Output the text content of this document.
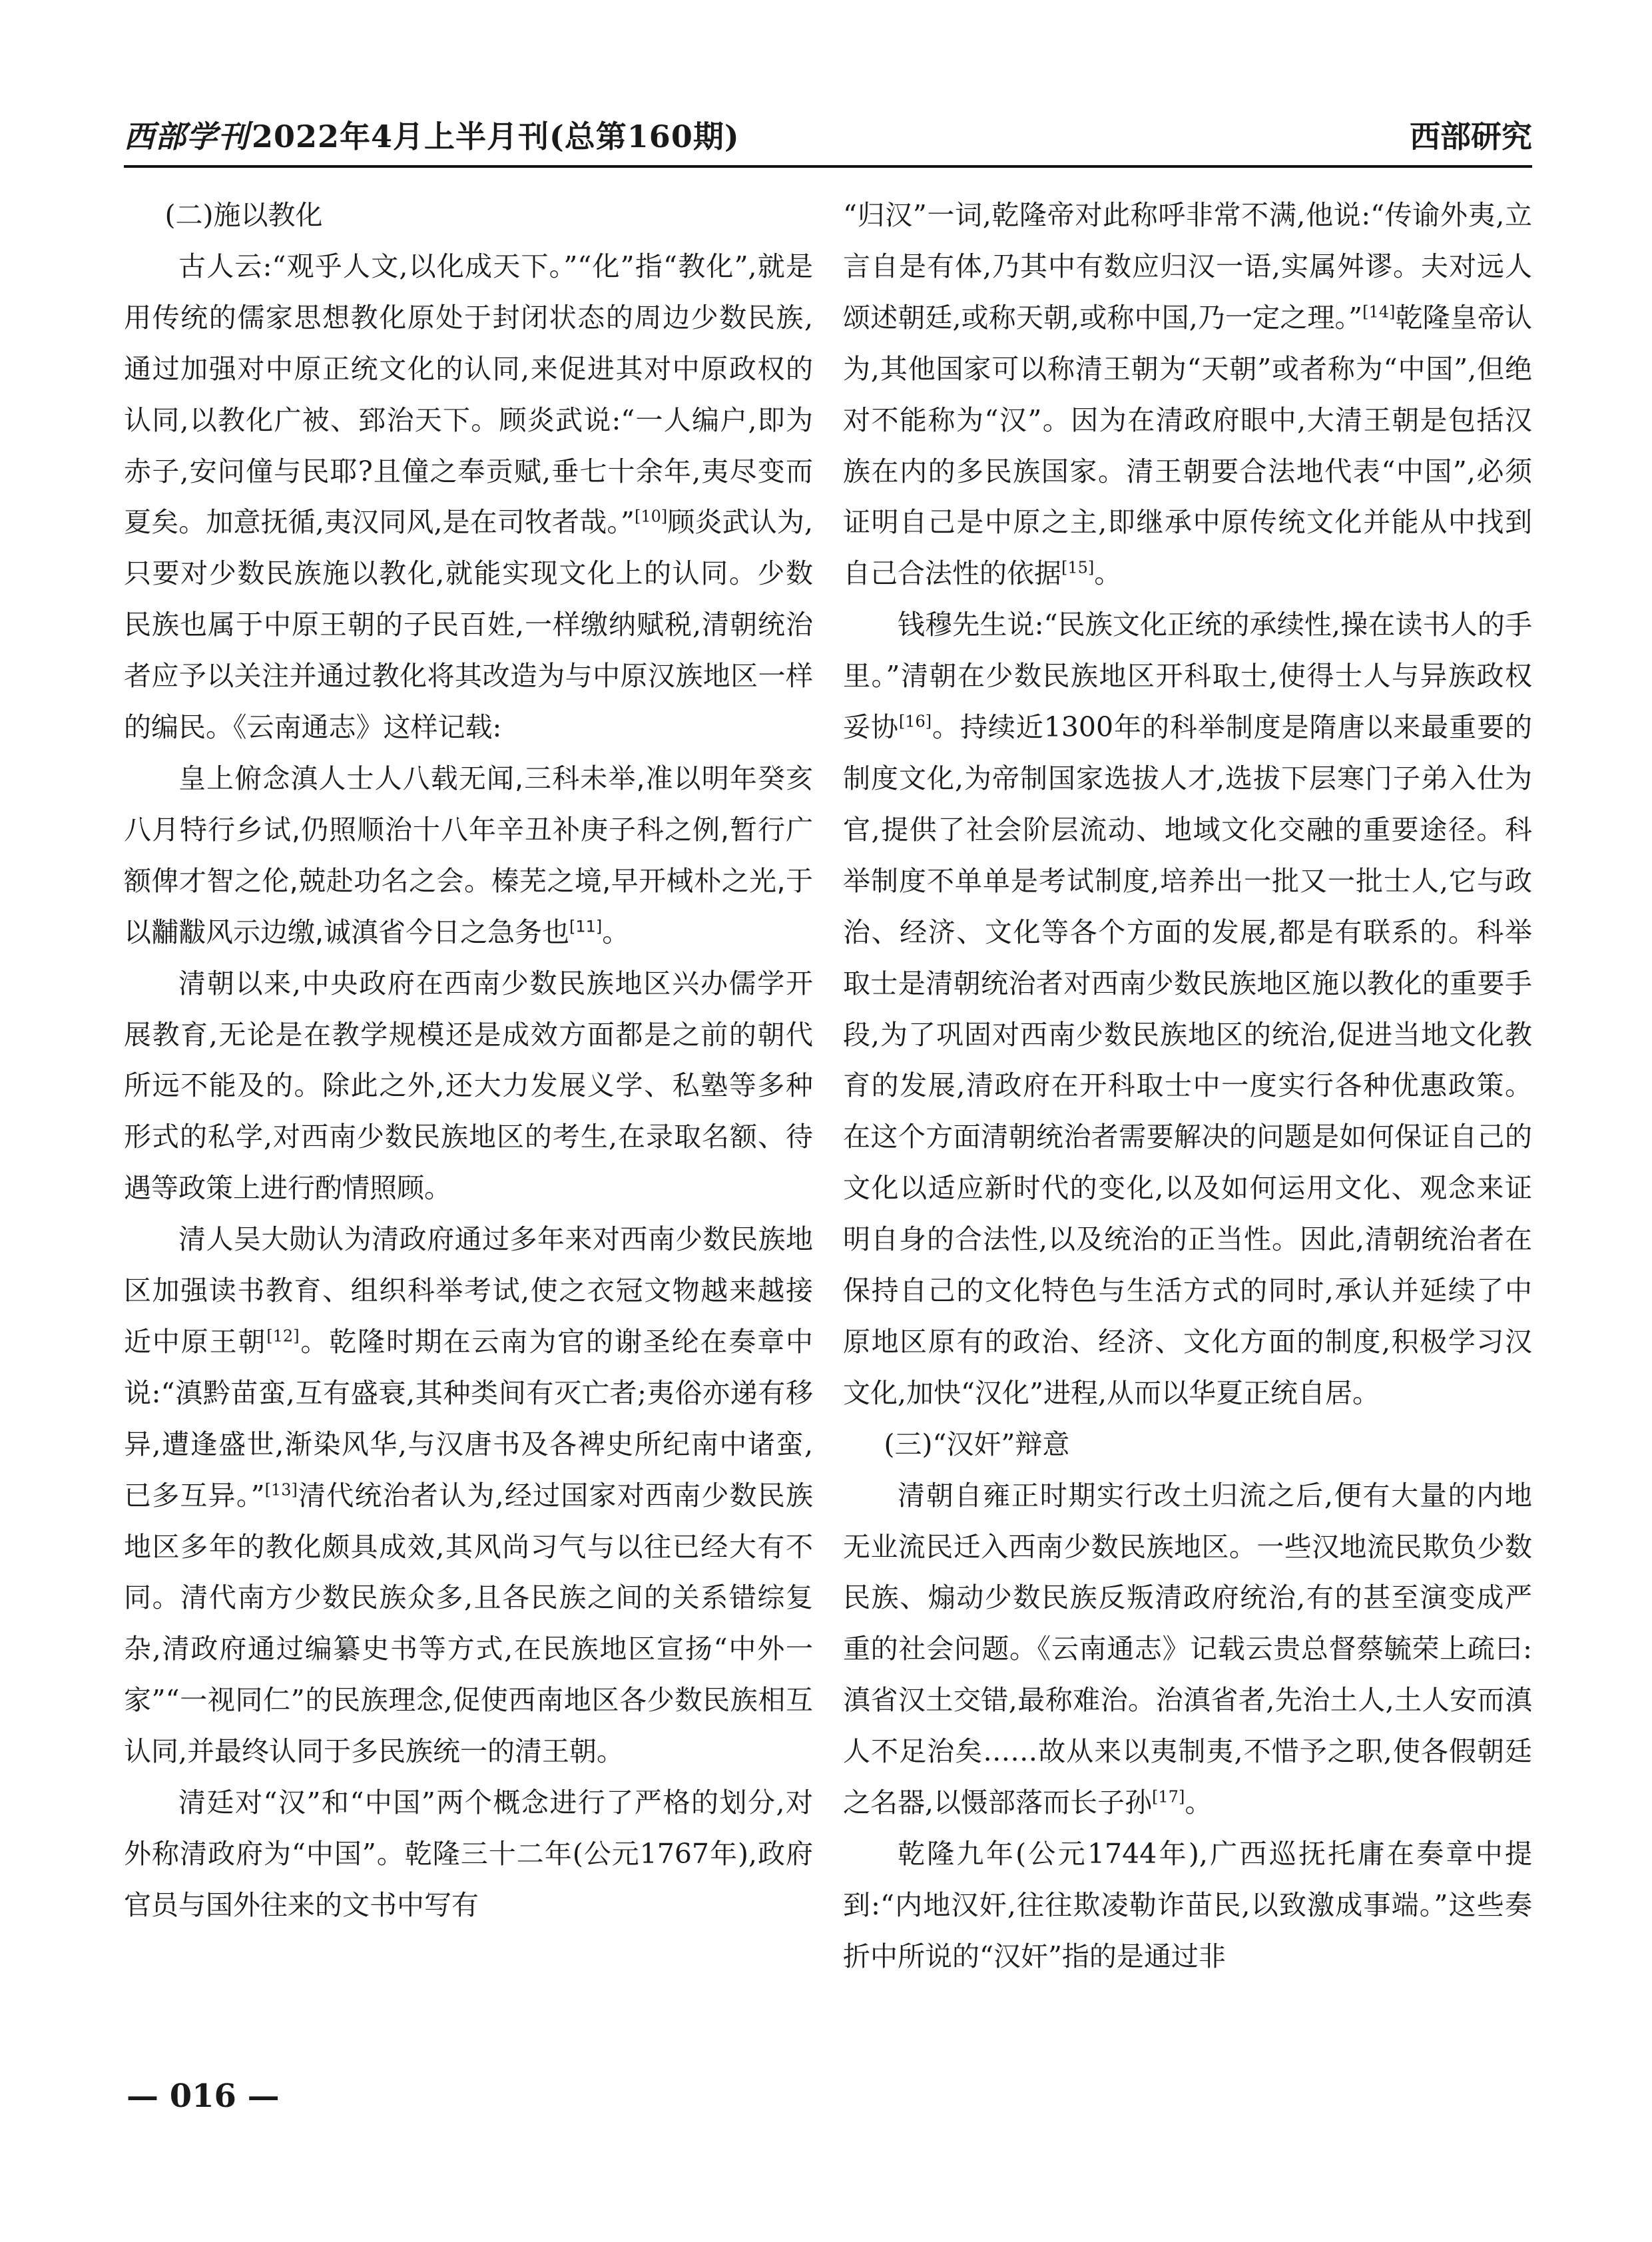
西部学刊2022年4月上半月刊(总第160期)	西部研究

(二)施以教化

古人云:“观乎人文,以化成天下。”“化”指“教化”,就是用传统的儒家思想教化原处于封闭状态的周边少数民族,通过加强对中原正统文化的认同,来促进其对中原政权的认同,以教化广被、郅治天下。顾炎武说:“一人编户,即为赤子,安问僮与民耶?且僮之奉贡赋,垂七十余年,夷尽变而夏矣。加意抚循,夷汉同风,是在司牧者哉。”[10]顾炎武认为,只要对少数民族施以教化,就能实现文化上的认同。少数民族也属于中原王朝的子民百姓,一样缴纳赋税,清朝统治者应予以关注并通过教化将其改造为与中原汉族地区一样的编民。《云南通志》这样记载:

皇上俯念滇人士人八载无闻,三科未举,准以明年癸亥八月特行乡试,仍照顺治十八年辛丑补庚子科之例,暂行广额俾才智之伦,兢赴功名之会。榛芜之境,早开棫朴之光,于以黼黻风示边缴,诚滇省今日之急务也[11]。

清朝以来,中央政府在西南少数民族地区兴办儒学开展教育,无论是在教学规模还是成效方面都是之前的朝代所远不能及的。除此之外,还大力发展义学、私塾等多种形式的私学,对西南少数民族地区的考生,在录取名额、待遇等政策上进行酌情照顾。

清人吴大勋认为清政府通过多年来对西南少数民族地区加强读书教育、组织科举考试,使之衣冠文物越来越接近中原王朝[12]。乾隆时期在云南为官的谢圣纶在奏章中说:“滇黔苗蛮,互有盛衰,其种类间有灭亡者;夷俗亦递有移异,遭逢盛世,渐染风华,与汉唐书及各裨史所纪南中诸蛮,已多互异。”[13]清代统治者认为,经过国家对西南少数民族地区多年的教化颇具成效,其风尚习气与以往已经大有不同。清代南方少数民族众多,且各民族之间的关系错综复杂,清政府通过编纂史书等方式,在民族地区宣扬“中外一家”“一视同仁”的民族理念,促使西南地区各少数民族相互认同,并最终认同于多民族统一的清王朝。

清廷对“汉”和“中国”两个概念进行了严格的划分,对外称清政府为“中国”。乾隆三十二年(公元1767年),政府官员与国外往来的文书中写有

“归汉”一词,乾隆帝对此称呼非常不满,他说:“传谕外夷,立言自是有体,乃其中有数应归汉一语,实属舛谬。夫对远人颂述朝廷,或称天朝,或称中国,乃一定之理。”[14]乾隆皇帝认为,其他国家可以称清王朝为“天朝”或者称为“中国”,但绝对不能称为“汉”。因为在清政府眼中,大清王朝是包括汉族在内的多民族国家。清王朝要合法地代表“中国”,必须证明自己是中原之主,即继承中原传统文化并能从中找到自己合法性的依据[15]。

钱穆先生说:“民族文化正统的承续性,操在读书人的手里。”清朝在少数民族地区开科取士,使得士人与异族政权妥协[16]。持续近1300年的科举制度是隋唐以来最重要的制度文化,为帝制国家选拔人才,选拔下层寒门子弟入仕为官,提供了社会阶层流动、地域文化交融的重要途径。科举制度不单单是考试制度,培养出一批又一批士人,它与政治、经济、文化等各个方面的发展,都是有联系的。科举取士是清朝统治者对西南少数民族地区施以教化的重要手段,为了巩固对西南少数民族地区的统治,促进当地文化教育的发展,清政府在开科取士中一度实行各种优惠政策。在这个方面清朝统治者需要解决的问题是如何保证自己的文化以适应新时代的变化,以及如何运用文化、观念来证明自身的合法性,以及统治的正当性。因此,清朝统治者在保持自己的文化特色与生活方式的同时,承认并延续了中原地区原有的政治、经济、文化方面的制度,积极学习汉文化,加快“汉化”进程,从而以华夏正统自居。

(三)“汉奸”辩意

清朝自雍正时期实行改土归流之后,便有大量的内地无业流民迁入西南少数民族地区。一些汉地流民欺负少数民族、煽动少数民族反叛清政府统治,有的甚至演变成严重的社会问题。《云南通志》记载云贵总督蔡毓荣上疏曰:滇省汉土交错,最称难治。治滇省者,先治土人,土人安而滇人不足治矣……故从来以夷制夷,不惜予之职,使各假朝廷之名器,以慑部落而长子孙[17]。

乾隆九年(公元1744年),广西巡抚托庸在奏章中提到:“内地汉奸,往往欺凌勒诈苗民,以致激成事端。”这些奏折中所说的“汉奸”指的是通过非

— 016 —
